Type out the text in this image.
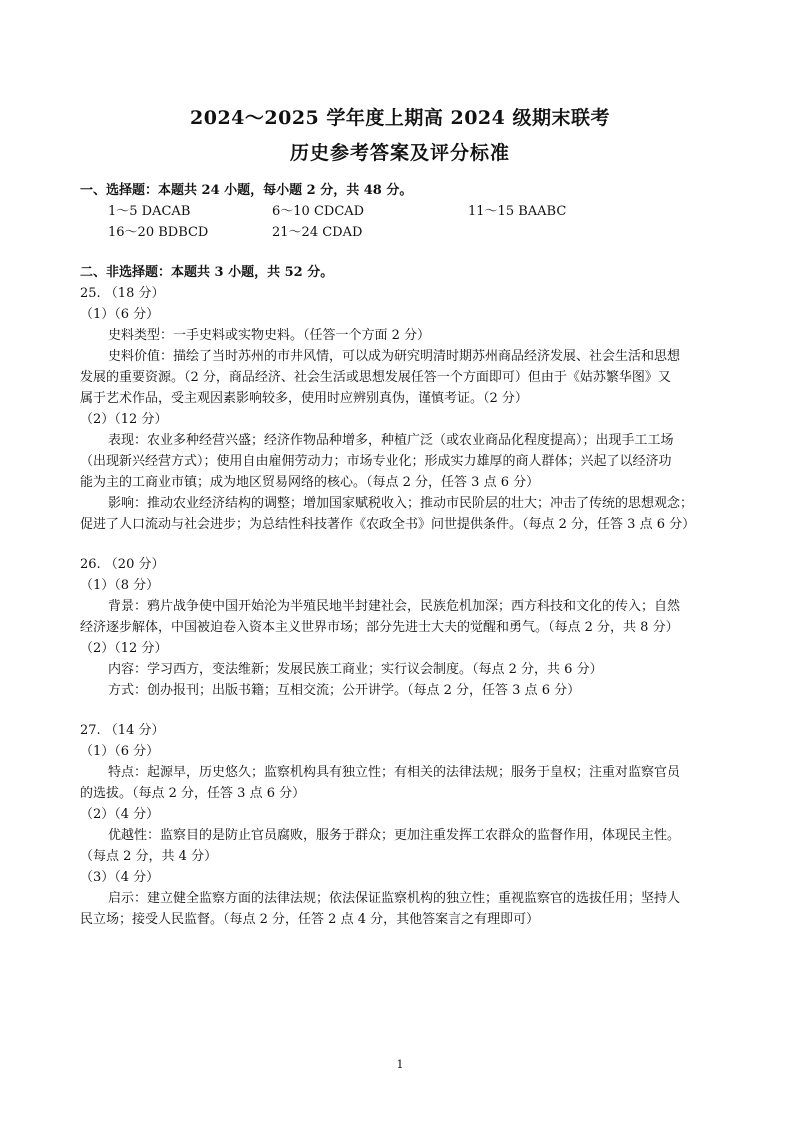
2024～2025 学年度上期高 2024 级期末联考
历史参考答案及评分标准
一、选择题：本题共 24 小题，每小题 2 分，共 48 分。
1～5 DACAB	6～10 CDCAD	11～15 BAABC
16～20 BDBCD	21～24 CDAD
二、非选择题：本题共 3 小题，共 52 分。
25. （18 分）
（1）（6 分）
史料类型：一手史料或实物史料。（任答一个方面 2 分）
史料价值：描绘了当时苏州的市井风情，可以成为研究明清时期苏州商品经济发展、社会生活和思想
发展的重要资源。（2 分，商品经济、社会生活或思想发展任答一个方面即可）但由于《姑苏繁华图》又
属于艺术作品，受主观因素影响较多，使用时应辨别真伪，谨慎考证。（2 分）
（2）（12 分）
表现：农业多种经营兴盛；经济作物品种增多，种植广泛（或农业商品化程度提高）；出现手工工场
（出现新兴经营方式）；使用自由雇佣劳动力；市场专业化；形成实力雄厚的商人群体；兴起了以经济功
能为主的工商业市镇；成为地区贸易网络的核心。（每点 2 分，任答 3 点 6 分）
影响：推动农业经济结构的调整；增加国家赋税收入；推动市民阶层的壮大；冲击了传统的思想观念；
促进了人口流动与社会进步；为总结性科技著作《农政全书》问世提供条件。（每点 2 分，任答 3 点 6 分）
26. （20 分）
（1）（8 分）
背景：鸦片战争使中国开始沦为半殖民地半封建社会，民族危机加深；西方科技和文化的传入；自然
经济逐步解体，中国被迫卷入资本主义世界市场；部分先进士大夫的觉醒和勇气。（每点 2 分，共 8 分）
（2）（12 分）
内容：学习西方，变法维新；发展民族工商业；实行议会制度。（每点 2 分，共 6 分）
方式：创办报刊；出版书籍；互相交流；公开讲学。（每点 2 分，任答 3 点 6 分）
27. （14 分）
（1）（6 分）
特点：起源早，历史悠久；监察机构具有独立性；有相关的法律法规；服务于皇权；注重对监察官员
的选拔。（每点 2 分，任答 3 点 6 分）
（2）（4 分）
优越性：监察目的是防止官员腐败，服务于群众；更加注重发挥工农群众的监督作用，体现民主性。
（每点 2 分，共 4 分）
（3）（4 分）
启示：建立健全监察方面的法律法规；依法保证监察机构的独立性；重视监察官的选拔任用；坚持人
民立场；接受人民监督。（每点 2 分，任答 2 点 4 分，其他答案言之有理即可）
1
